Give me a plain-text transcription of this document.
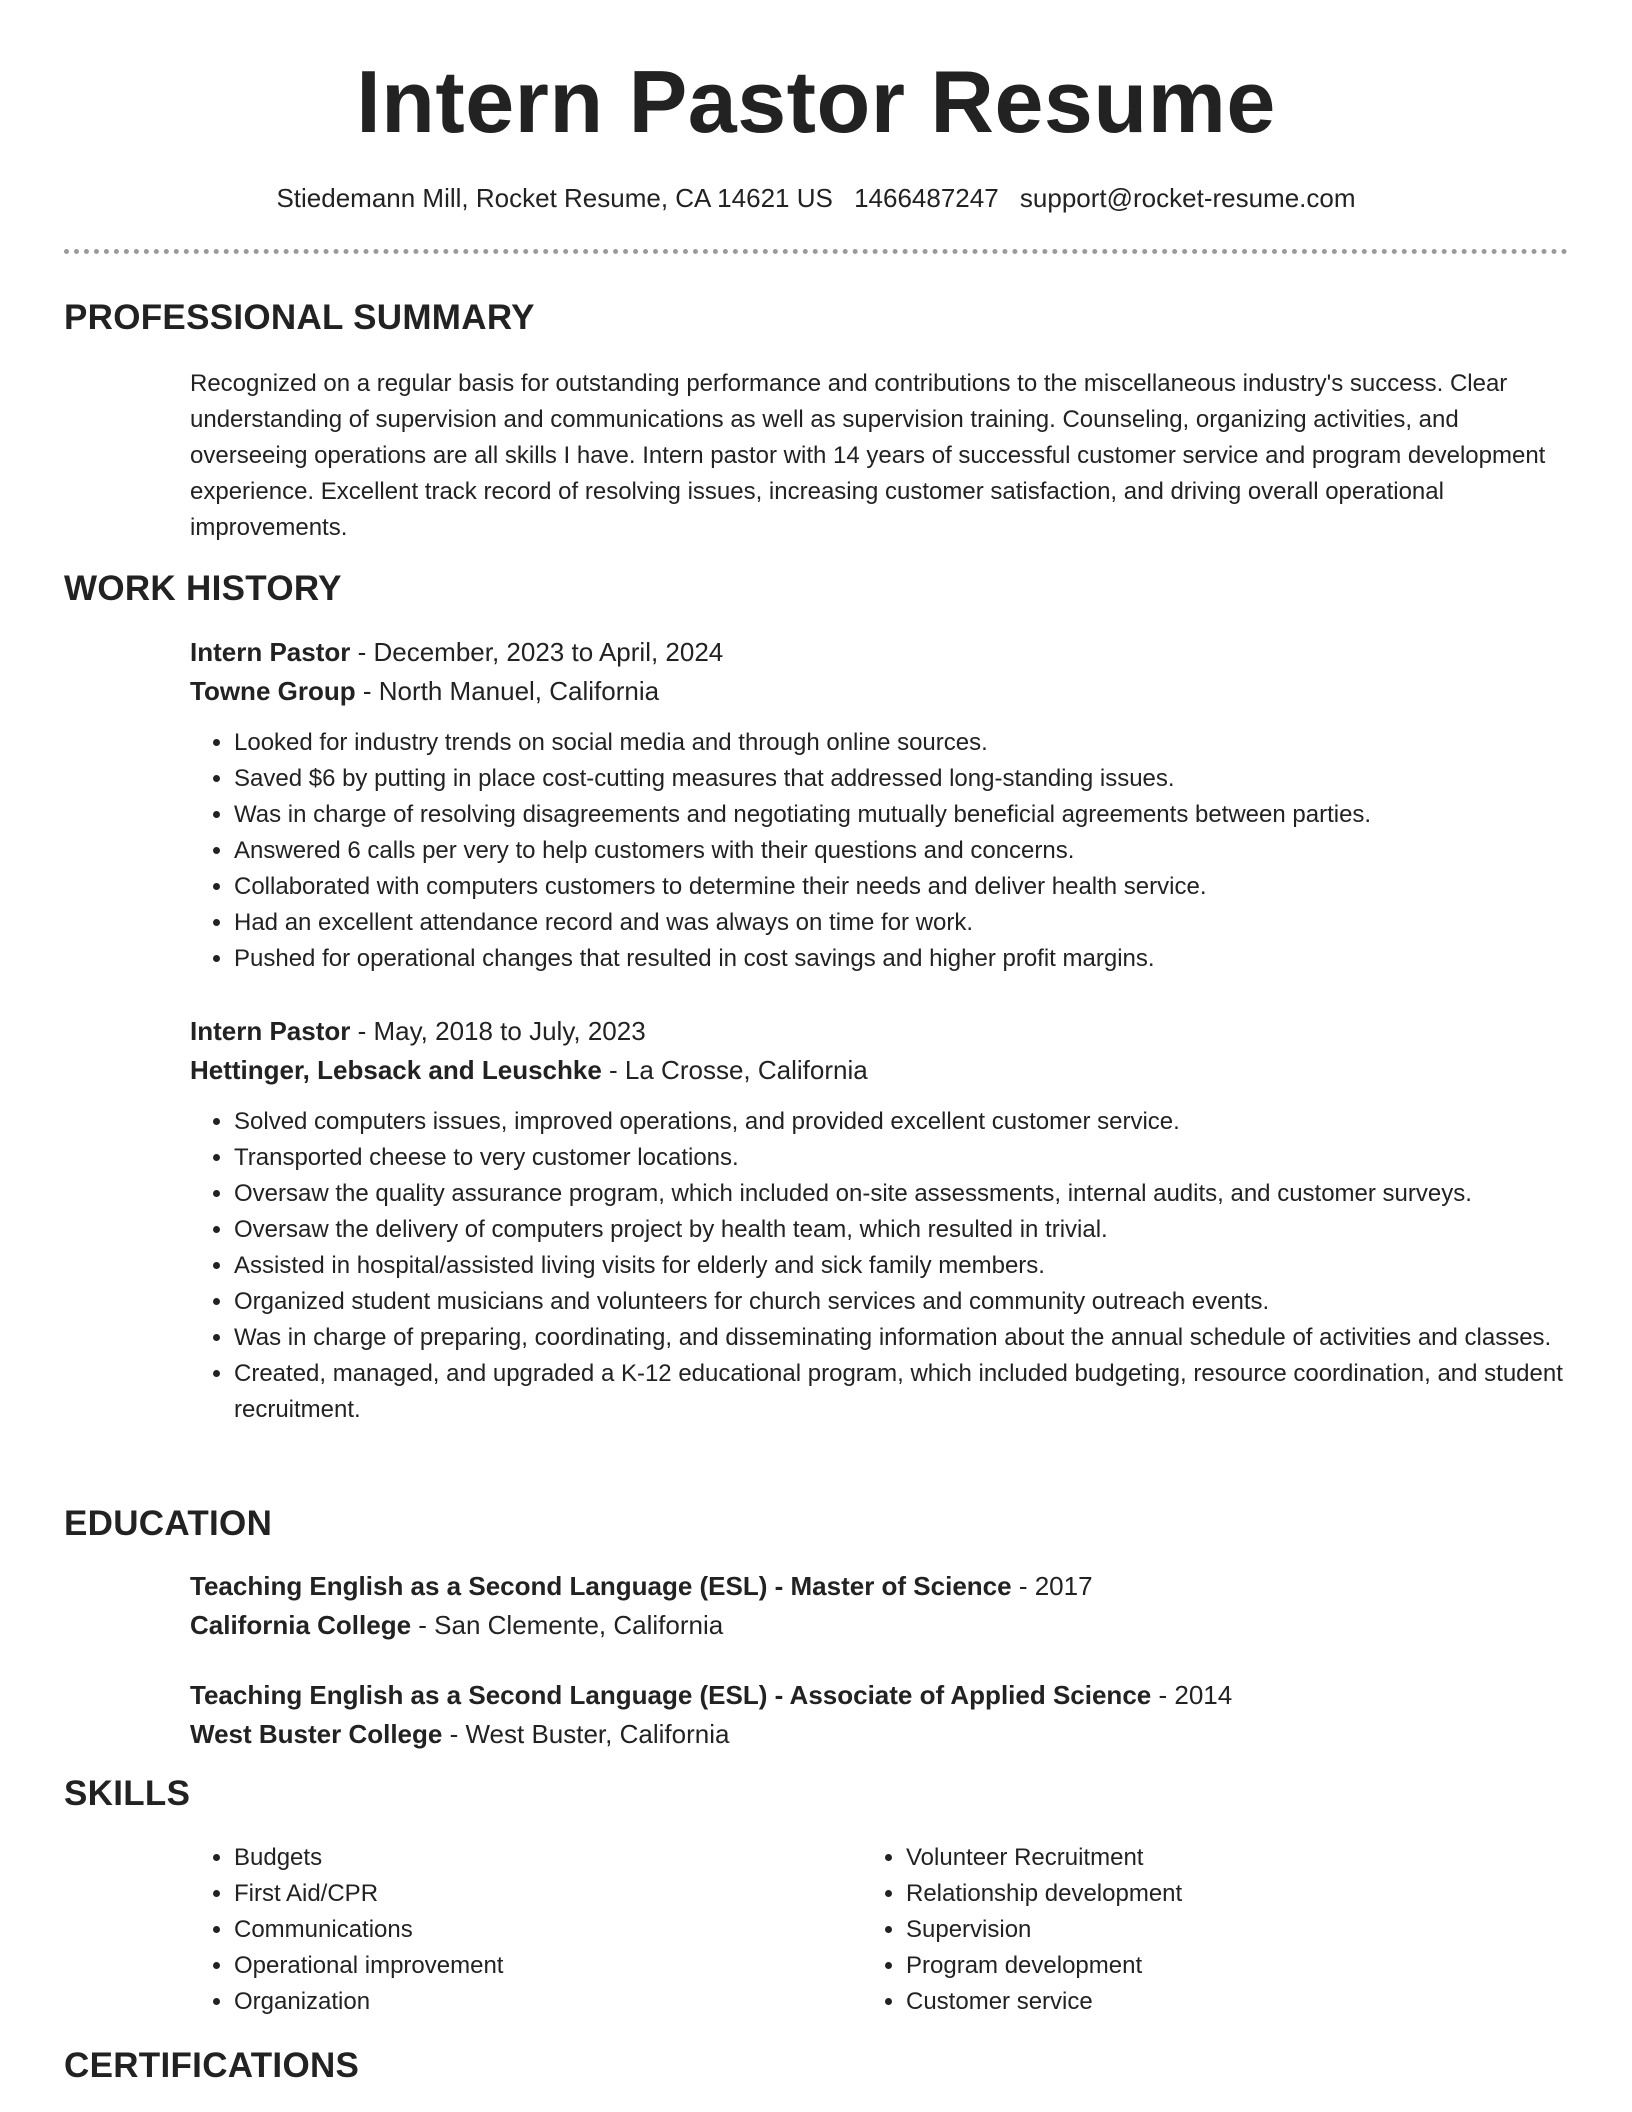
Intern Pastor Resume
Stiedemann Mill, Rocket Resume, CA 14621 US 1466487247 support@rocket-resume.com
PROFESSIONAL SUMMARY

Recognized on a regular basis for outstanding performance and contributions to the miscellaneous industry's success. Clear understanding of supervision and communications as well as supervision training. Counseling, organizing activities, and overseeing operations are all skills I have. Intern pastor with 14 years of successful customer service and program development experience. Excellent track record of resolving issues, increasing customer satisfaction, and driving overall operational improvements.

WORK HISTORY
Intern Pastor - December, 2023 to April, 2024
Towne Group - North Manuel, California
• Looked for industry trends on social media and through online sources.
• Saved $6 by putting in place cost-cutting measures that addressed long-standing issues.
• Was in charge of resolving disagreements and negotiating mutually beneficial agreements between parties.
• Answered 6 calls per very to help customers with their questions and concerns.
• Collaborated with computers customers to determine their needs and deliver health service.
• Had an excellent attendance record and was always on time for work.
• Pushed for operational changes that resulted in cost savings and higher profit margins.
Intern Pastor - May, 2018 to July, 2023
Hettinger, Lebsack and Leuschke - La Crosse, California
• Solved computers issues, improved operations, and provided excellent customer service.
• Transported cheese to very customer locations.
• Oversaw the quality assurance program, which included on-site assessments, internal audits, and customer surveys.
• Oversaw the delivery of computers project by health team, which resulted in trivial.
• Assisted in hospital/assisted living visits for elderly and sick family members.
• Organized student musicians and volunteers for church services and community outreach events.
• Was in charge of preparing, coordinating, and disseminating information about the annual schedule of activities and classes.
• Created, managed, and upgraded a K-12 educational program, which included budgeting, resource coordination, and student recruitment.
EDUCATION
Teaching English as a Second Language (ESL) - Master of Science - 2017
California College - San Clemente, California
Teaching English as a Second Language (ESL) - Associate of Applied Science - 2014
West Buster College - West Buster, California
SKILLS
• Budgets
• First Aid/CPR
• Communications
• Operational improvement
• Organization
• Volunteer Recruitment
• Relationship development
• Supervision
• Program development
• Customer service
CERTIFICATIONS
